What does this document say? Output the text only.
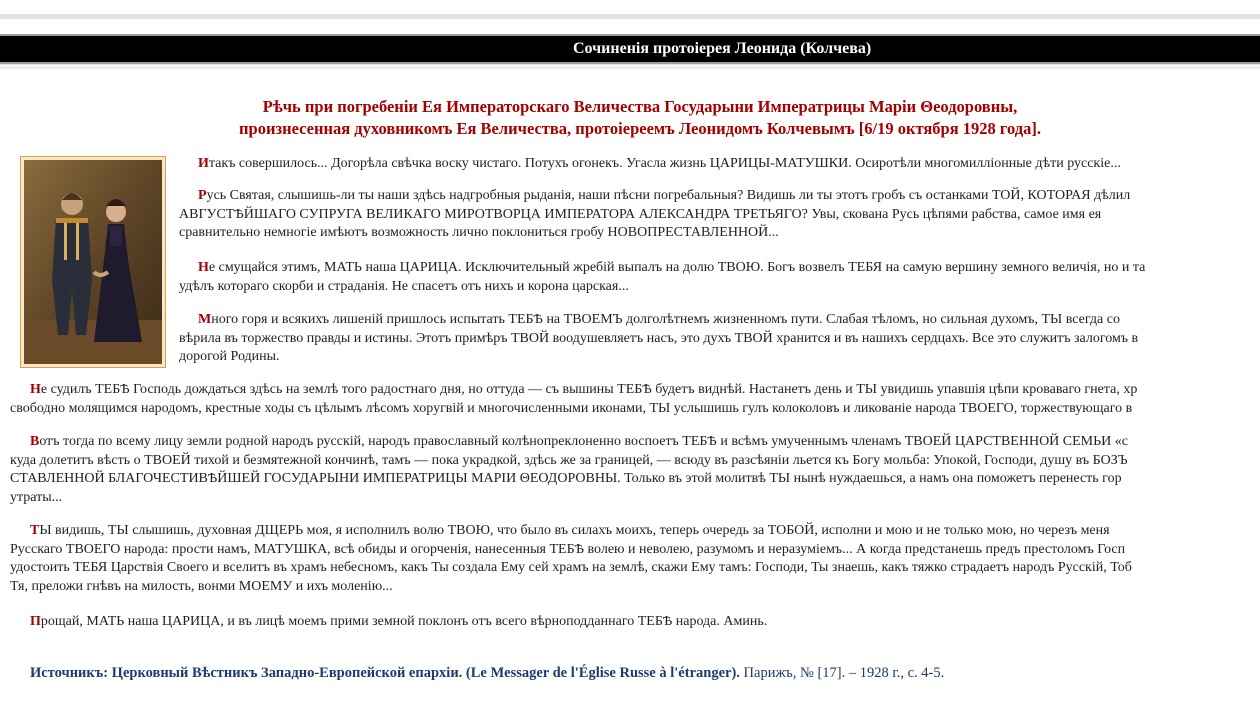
Сочиненія протоіерея Леонида (Колчева)
Рѣчь при погребеніи Ея Императорскаго Величества Государыни Императрицы Маріи Θеодоровны,
произнесенная духовникомъ Ея Величества, протоіереемъ Леонидомъ Колчевымъ [6/19 октября 1928 года].
Итакъ совершилось... Догорѣла свѣчка воску чистаго. Потухъ огонекъ. Угасла жизнь ЦАРИЦЫ-МАТУШКИ. Осиротѣли многомилліонные дѣти русскіе...
Русь Святая, слышишь-ли ты наши здѣсь надгробныя рыданія, наши пѣсни погребальныя? Видишь ли ты этотъ гробъ съ останками ТОЙ, КОТОРАЯ дѣлил
АВГУСТѢЙШАГО СУПРУГА ВЕЛИКАГО МИРОТВОРЦА ИМПЕРАТОРА АЛЕКСАНДРА ТРЕТЬЯГО? Увы, скована Русь цѣпями рабства, самое имя ея
сравнительно немногіе имѣютъ возможность лично поклониться гробу НОВОПРЕСТАВЛЕННОЙ...
Не смущайся этимъ, МАТЬ наша ЦАРИЦА. Исключительный жребій выпалъ на долю ТВОЮ. Богъ возвелъ ТЕБЯ на самую вершину земного величія, но и та
удѣлъ котораго скорби и страданія. Не спасетъ отъ нихъ и корона царская...
Много горя и всякихъ лишеній пришлось испытать ТЕБѢ на ТВОЕМЪ долголѣтнемъ жизненномъ пути. Слабая тѣломъ, но сильная духомъ, ТЫ всегда со
вѣрила въ торжество правды и истины. Этотъ примѣръ ТВОЙ воодушевляетъ насъ, это духъ ТВОЙ хранится и въ нашихъ сердцахъ. Все это служитъ залогомъ в
дорогой Родины.
Не судилъ ТЕБѢ Господь дождаться здѣсь на землѣ того радостнаго дня, но оттуда — съ вышины ТЕБѢ будетъ виднѣй. Настанетъ день и ТЫ увидишь упавшія цѣпи кроваваго гнета, хр
свободно молящимся народомъ, крестные ходы съ цѣлымъ лѣсомъ хоругвій и многочисленными иконами, ТЫ услышишь гулъ колоколовъ и ликованіе народа ТВОЕГО, торжествующаго в
Вотъ тогда по всему лицу земли родной народъ русскій, народъ православный колѣнопреклоненно воспоетъ ТЕБѢ и всѣмъ умученнымъ членамъ ТВОЕЙ ЦАРСТВЕННОЙ СЕМЬИ «с
куда долетитъ вѣсть о ТВОЕЙ тихой и безмятежной кончинѣ, тамъ — пока украдкой, здѣсь же за границей, — всюду въ разсѣяніи льется къ Богу мольба: Упокой, Господи, душу въ БОЗЪ
СТАВЛЕННОЙ БЛАГОЧЕСТИВѢЙШЕЙ ГОСУДАРЫНИ ИМПЕРАТРИЦЫ МАРІИ ΘЕОДОРОВНЫ. Только въ этой молитвѣ ТЫ нынѣ нуждаешься, а намъ она поможетъ перенесть гор
утраты...
ТЫ видишь, ТЫ слышишь, духовная ДЩЕРЬ моя, я исполнилъ волю ТВОЮ, что было въ силахъ моихъ, теперь очередь за ТОБОЙ, исполни и мою и не только мою, но черезъ меня
Русскаго ТВОЕГО народа: прости намъ, МАТУШКА, всѣ обиды и огорченія, нанесенныя ТЕБѢ волею и неволею, разумомъ и неразуміемъ... А когда предстанешь предъ престоломъ Госп
удостоить ТЕБЯ Царствія Своего и вселитъ въ храмъ небесномъ, какъ Ты создала Ему сей храмъ на землѣ, скажи Ему тамъ: Господи, Ты знаешь, какъ тяжко страдаетъ народъ Русскій, Тоб
Тя, преложи гнѣвъ на милость, вонми МОЕМУ и ихъ моленію...
Прощай, МАТЬ наша ЦАРИЦА, и въ лицѣ моемъ прими земной поклонъ отъ всего вѣрноподданнаго ТЕБѢ народа. Аминь.
Источникъ: Церковный Вѣстникъ Западно-Европейской епархіи. (Le Messager de l'Église Russe à l'étranger). Парижъ, № [17]. – 1928 г., с. 4-5.
